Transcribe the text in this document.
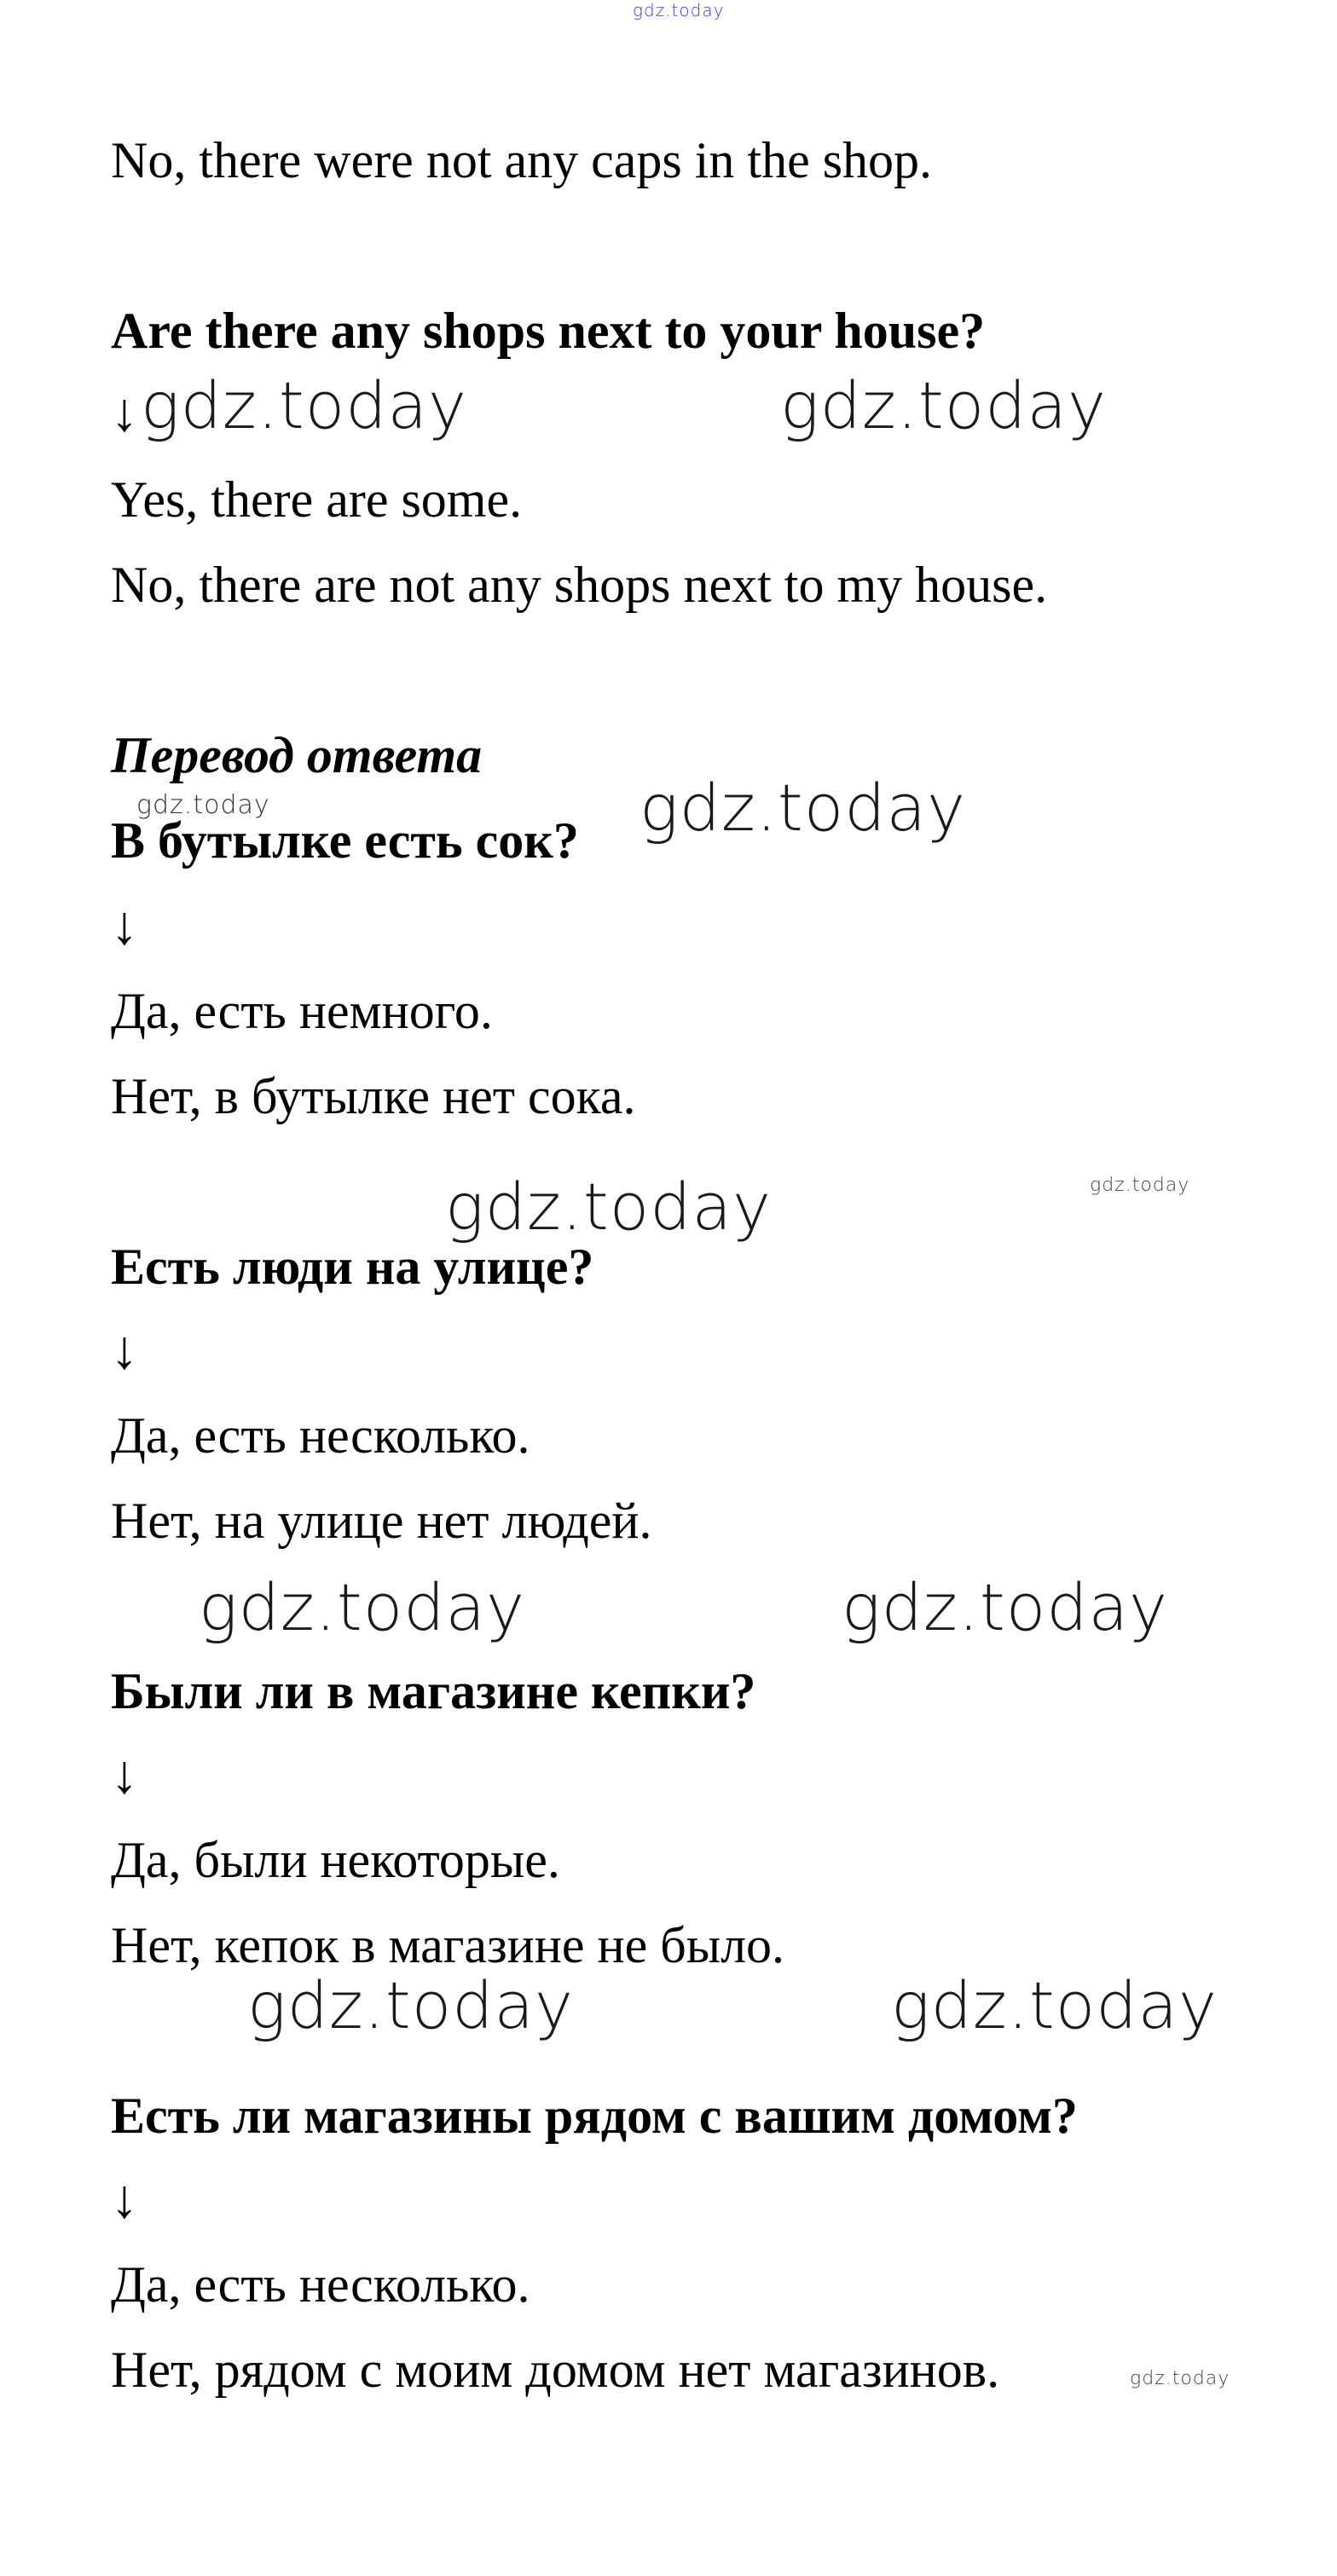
gdz.today
gdz.today	gdz.today
gdz.today	gdz.today
gdz.today	gdz.today
gdz.today	gdz.today
gdz.today	gdz.today
gdz.today
No, there were not any caps in the shop.
Are there any shops next to your house?
↓
Yes, there are some.
No, there are not any shops next to my house.
Перевод ответа
В бутылке есть сок?
↓
Да, есть немного.
Нет, в бутылке нет сока.
Есть люди на улице?
↓
Да, есть несколько.
Нет, на улице нет людей.
Были ли в магазине кепки?
↓
Да, были некоторые.
Нет, кепок в магазине не было.
Есть ли магазины рядом с вашим домом?
↓
Да, есть несколько.
Нет, рядом с моим домом нет магазинов.
